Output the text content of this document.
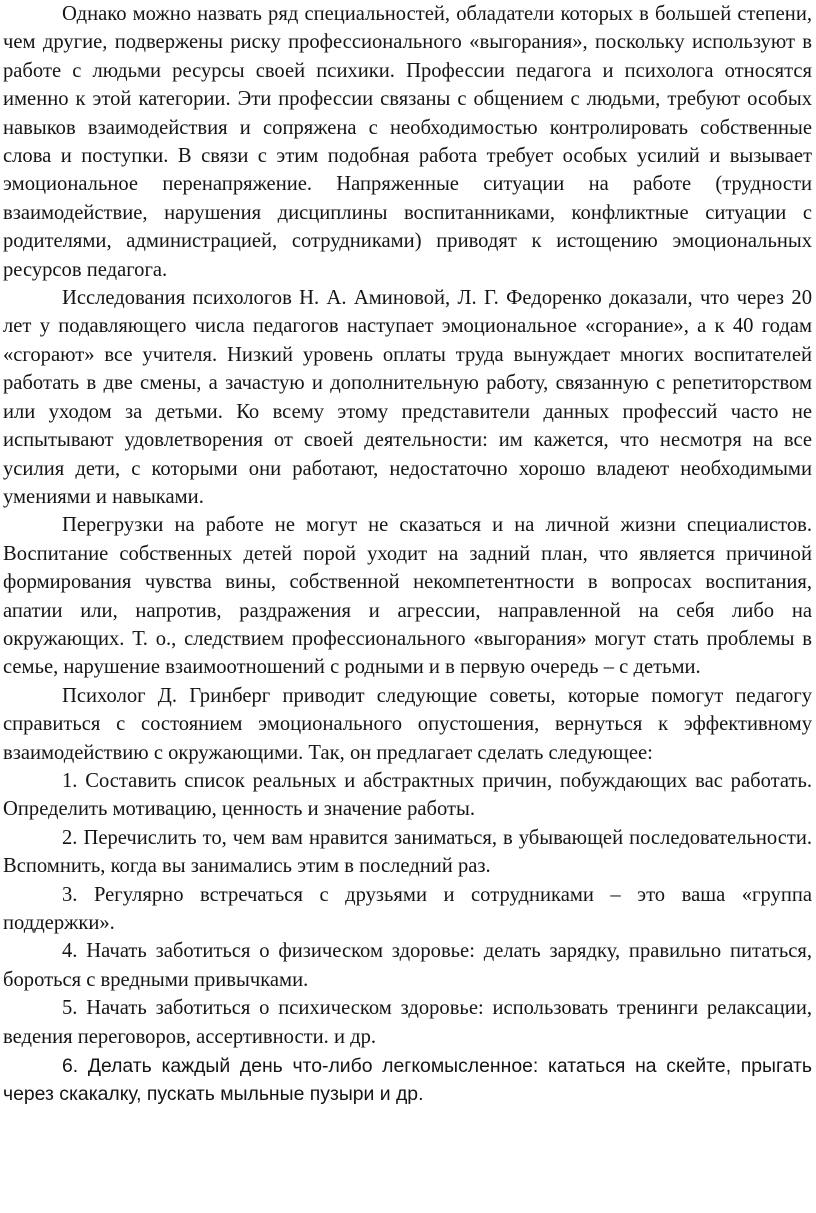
Однако можно назвать ряд специальностей, обладатели которых в большей степени, чем другие, подвержены риску профессионального «выгорания», поскольку используют в работе с людьми ресурсы своей психики. Профессии педагога и психолога относятся именно к этой категории. Эти профессии связаны с общением с людьми, требуют особых навыков взаимодействия и сопряжена с необходимостью контролировать собственные слова и поступки. В связи с этим подобная работа требует особых усилий и вызывает эмоциональное перенапряжение. Напряженные ситуации на работе (трудности взаимодействие, нарушения дисциплины воспитанниками, конфликтные ситуации с родителями, администрацией, сотрудниками) приводят к истощению эмоциональных ресурсов педагога.

Исследования психологов Н. А. Аминовой, Л. Г. Федоренко доказали, что через 20 лет у подавляющего числа педагогов наступает эмоциональное «сгорание», а к 40 годам «сгорают» все учителя. Низкий уровень оплаты труда вынуждает многих воспитателей работать в две смены, а зачастую и дополнительную работу, связанную с репетиторством или уходом за детьми. Ко всему этому представители данных профессий часто не испытывают удовлетворения от своей деятельности: им кажется, что несмотря на все усилия дети, с которыми они работают, недостаточно хорошо владеют необходимыми умениями и навыками.

Перегрузки на работе не могут не сказаться и на личной жизни специалистов. Воспитание собственных детей порой уходит на задний план, что является причиной формирования чувства вины, собственной некомпетентности в вопросах воспитания, апатии или, напротив, раздражения и агрессии, направленной на себя либо на окружающих. Т. о., следствием профессионального «выгорания» могут стать проблемы в семье, нарушение взаимоотношений с родными и в первую очередь – с детьми.

Психолог Д. Гринберг приводит следующие советы, которые помогут педагогу справиться с состоянием эмоционального опустошения, вернуться к эффективному взаимодействию с окружающими. Так, он предлагает сделать следующее:

1. Составить список реальных и абстрактных причин, побуждающих вас работать. Определить мотивацию, ценность и значение работы.

2. Перечислить то, чем вам нравится заниматься, в убывающей последовательности. Вспомнить, когда вы занимались этим в последний раз.

3. Регулярно встречаться с друзьями и сотрудниками – это ваша «группа поддержки».

4. Начать заботиться о физическом здоровье: делать зарядку, правильно питаться, бороться с вредными привычками.

5. Начать заботиться о психическом здоровье: использовать тренинги релаксации, ведения переговоров, ассертивности. и др.

6. Делать каждый день что-либо легкомысленное: кататься на скейте, прыгать через скакалку, пускать мыльные пузыри и др.
